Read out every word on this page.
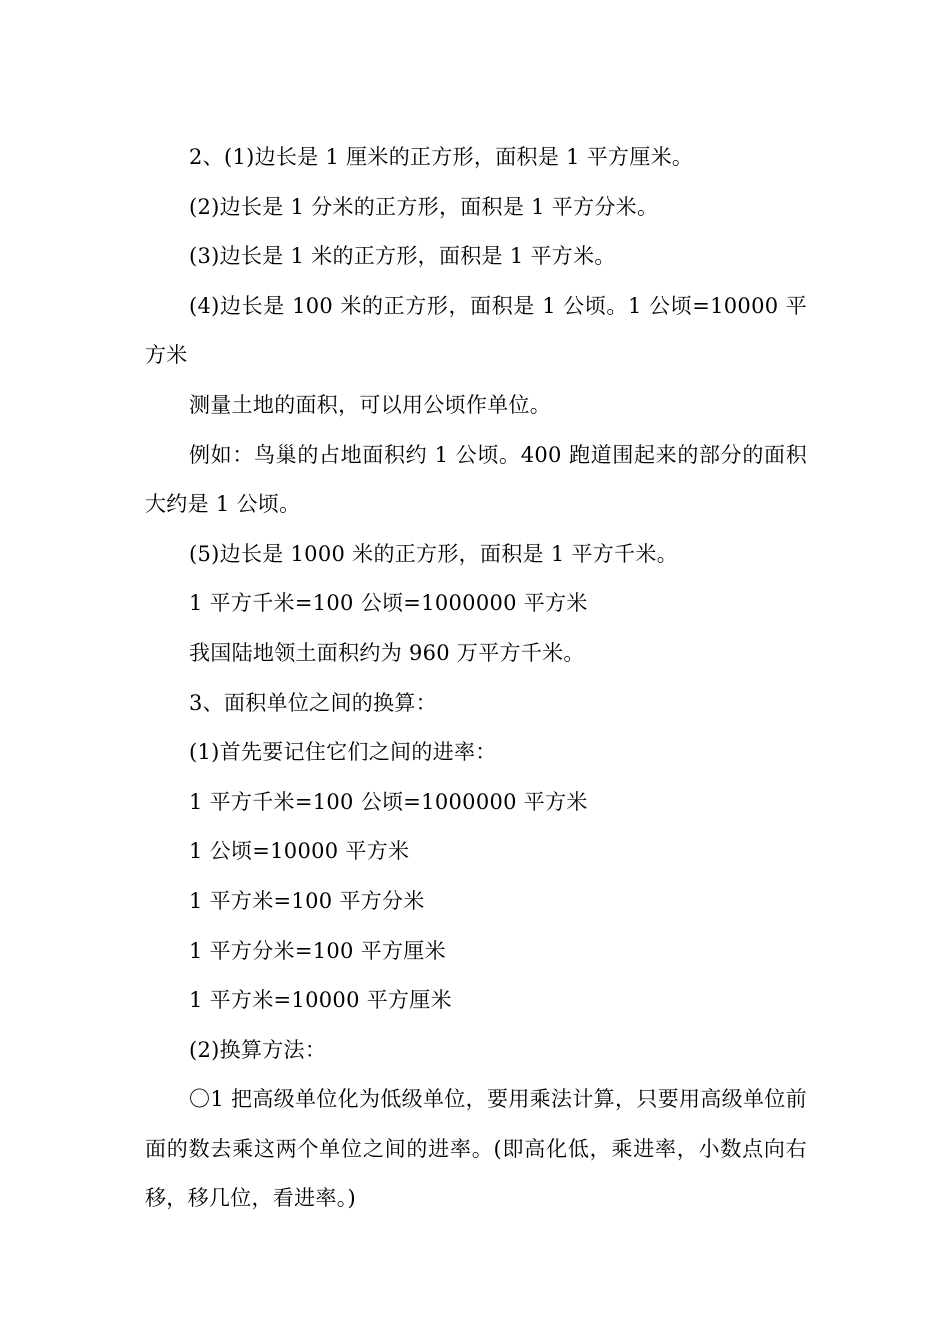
2、(1)边长是 1 厘米的正方形，面积是 1 平方厘米。

(2)边长是 1 分米的正方形，面积是 1 平方分米。

(3)边长是 1 米的正方形，面积是 1 平方米。

(4)边长是 100 米的正方形，面积是 1 公顷。1 公顷=10000 平方米

测量土地的面积，可以用公顷作单位。

例如：鸟巢的占地面积约 1 公顷。400 跑道围起来的部分的面积大约是 1 公顷。

(5)边长是 1000 米的正方形，面积是 1 平方千米。

1 平方千米=100 公顷=1000000 平方米

我国陆地领土面积约为 960 万平方千米。

3、面积单位之间的换算：

(1)首先要记住它们之间的进率：

1 平方千米=100 公顷=1000000 平方米

1 公顷=10000 平方米

1 平方米=100 平方分米

1 平方分米=100 平方厘米

1 平方米=10000 平方厘米

(2)换算方法：

〇1 把高级单位化为低级单位，要用乘法计算，只要用高级单位前面的数去乘这两个单位之间的进率。(即高化低，乘进率，小数点向右移，移几位，看进率。)
